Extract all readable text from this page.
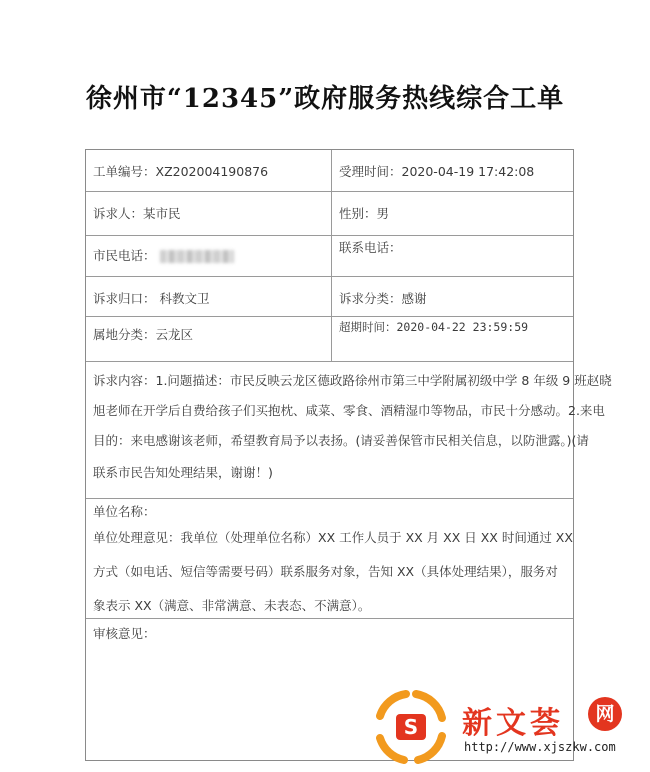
徐州市“12345”政府服务热线综合工单
工单编号：XZ202004190876	受理时间：2020-04-19 17:42:08
诉求人：某市民	性别：男
市民电话：
联系电话：
诉求归口： 科教文卫	诉求分类：感谢
属地分类：云龙区	超期时间：2020-04-22 23:59:59
诉求内容：1.问题描述：市民反映云龙区德政路徐州市第三中学附属初级中学 8 年级 9 班赵晓
旭老师在开学后自费给孩子们买抱枕、咸菜、零食、酒精湿巾等物品，市民十分感动。2.来电
目的：来电感谢该老师，希望教育局予以表扬。(请妥善保管市民相关信息，以防泄露。)(请
联系市民告知处理结果，谢谢！)
单位名称：
单位处理意见：我单位（处理单位名称）XX 工作人员于 XX 月 XX 日 XX 时间通过 XX
方式（如电话、短信等需要号码）联系服务对象，告知 XX（具体处理结果），服务对
象表示 XX（满意、非常满意、未表态、不满意）。
审核意见：
S 新文荟	网
http://www.xjszkw.com
